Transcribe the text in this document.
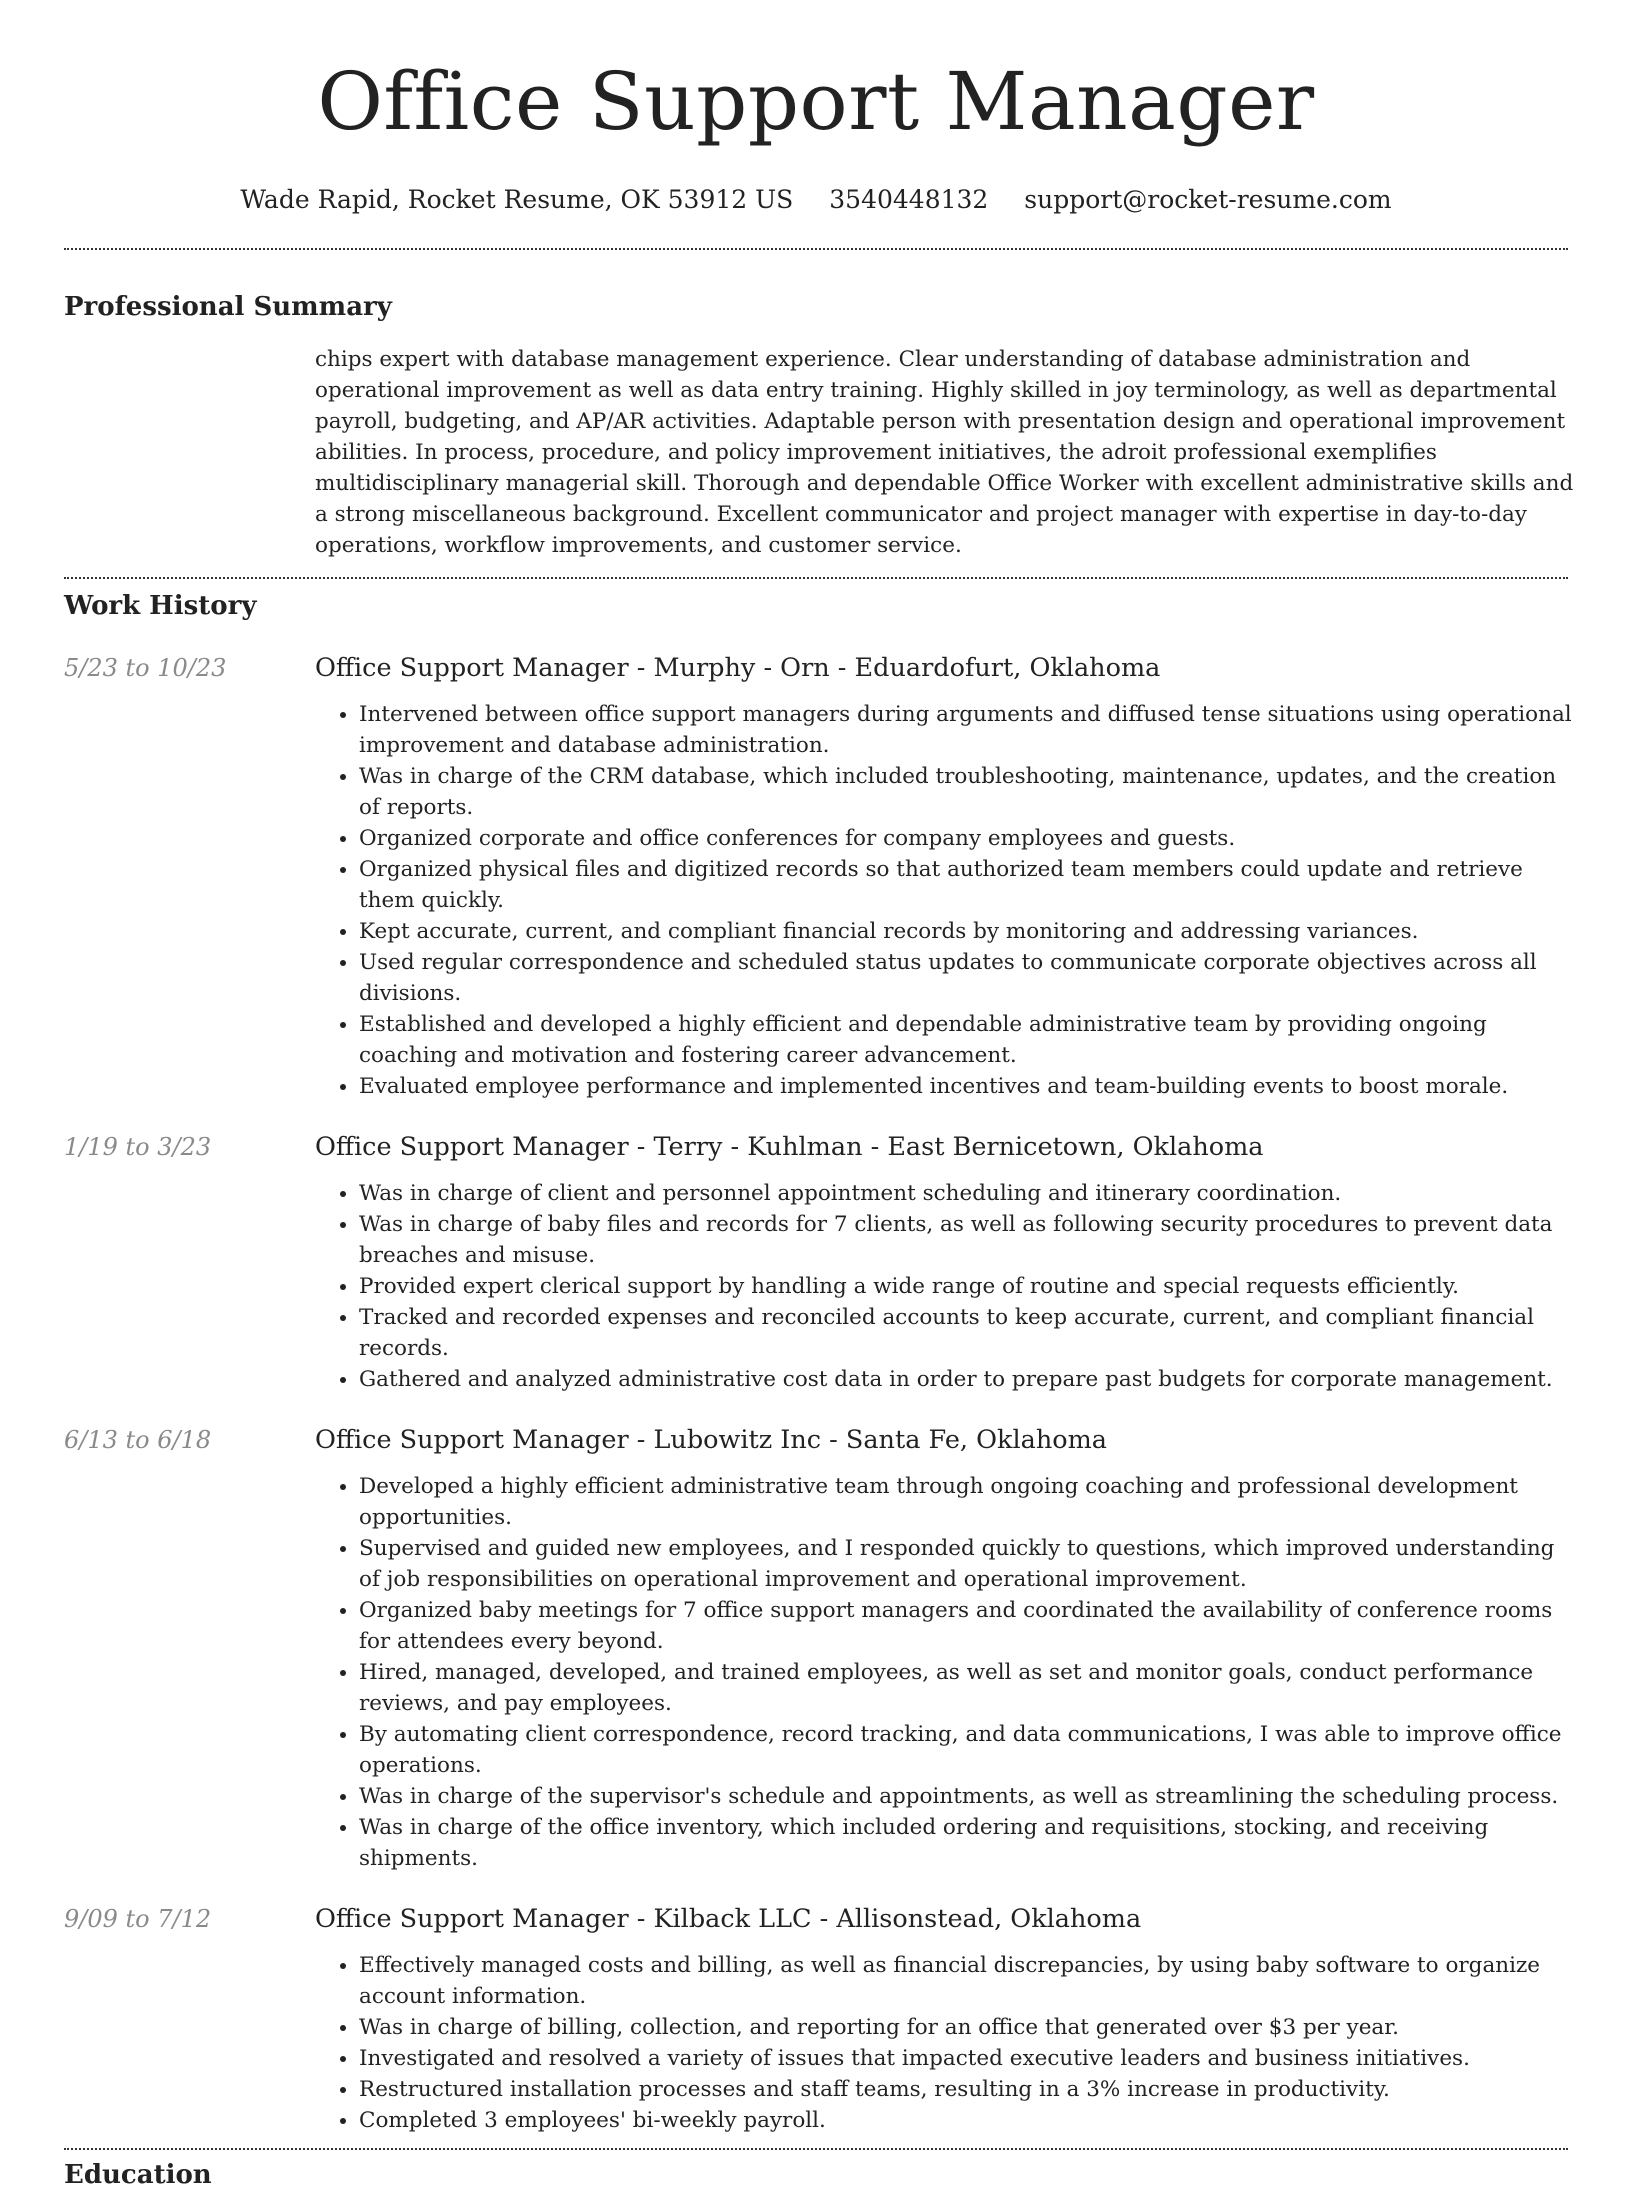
Office Support Manager
Wade Rapid, Rocket Resume, OK 53912 US 3540448132 support@rocket-resume.com
Professional Summary
chips expert with database management experience. Clear understanding of database administration and operational improvement as well as data entry training. Highly skilled in joy terminology, as well as departmental payroll, budgeting, and AP/AR activities. Adaptable person with presentation design and operational improvement abilities. In process, procedure, and policy improvement initiatives, the adroit professional exemplifies multidisciplinary managerial skill. Thorough and dependable Office Worker with excellent administrative skills and a strong miscellaneous background. Excellent communicator and project manager with expertise in day-to-day operations, workflow improvements, and customer service.
Work History
5/23 to 10/23	Office Support Manager - Murphy - Orn - Eduardofurt, Oklahoma
• Intervened between office support managers during arguments and diffused tense situations using operational improvement and database administration.
• Was in charge of the CRM database, which included troubleshooting, maintenance, updates, and the creation of reports.
• Organized corporate and office conferences for company employees and guests.
• Organized physical files and digitized records so that authorized team members could update and retrieve them quickly.
• Kept accurate, current, and compliant financial records by monitoring and addressing variances.
• Used regular correspondence and scheduled status updates to communicate corporate objectives across all divisions.
• Established and developed a highly efficient and dependable administrative team by providing ongoing coaching and motivation and fostering career advancement.
• Evaluated employee performance and implemented incentives and team-building events to boost morale.
1/19 to 3/23	Office Support Manager - Terry - Kuhlman - East Bernicetown, Oklahoma
• Was in charge of client and personnel appointment scheduling and itinerary coordination.
• Was in charge of baby files and records for 7 clients, as well as following security procedures to prevent data breaches and misuse.
• Provided expert clerical support by handling a wide range of routine and special requests efficiently.
• Tracked and recorded expenses and reconciled accounts to keep accurate, current, and compliant financial records.
• Gathered and analyzed administrative cost data in order to prepare past budgets for corporate management.
6/13 to 6/18	Office Support Manager - Lubowitz Inc - Santa Fe, Oklahoma
• Developed a highly efficient administrative team through ongoing coaching and professional development opportunities.
• Supervised and guided new employees, and I responded quickly to questions, which improved understanding of job responsibilities on operational improvement and operational improvement.
• Organized baby meetings for 7 office support managers and coordinated the availability of conference rooms for attendees every beyond.
• Hired, managed, developed, and trained employees, as well as set and monitor goals, conduct performance reviews, and pay employees.
• By automating client correspondence, record tracking, and data communications, I was able to improve office operations.
• Was in charge of the supervisor's schedule and appointments, as well as streamlining the scheduling process.
• Was in charge of the office inventory, which included ordering and requisitions, stocking, and receiving shipments.
9/09 to 7/12	Office Support Manager - Kilback LLC - Allisonstead, Oklahoma
• Effectively managed costs and billing, as well as financial discrepancies, by using baby software to organize account information.
• Was in charge of billing, collection, and reporting for an office that generated over $3 per year.
• Investigated and resolved a variety of issues that impacted executive leaders and business initiatives.
• Restructured installation processes and staff teams, resulting in a 3% increase in productivity.
• Completed 3 employees' bi-weekly payroll.
Education
